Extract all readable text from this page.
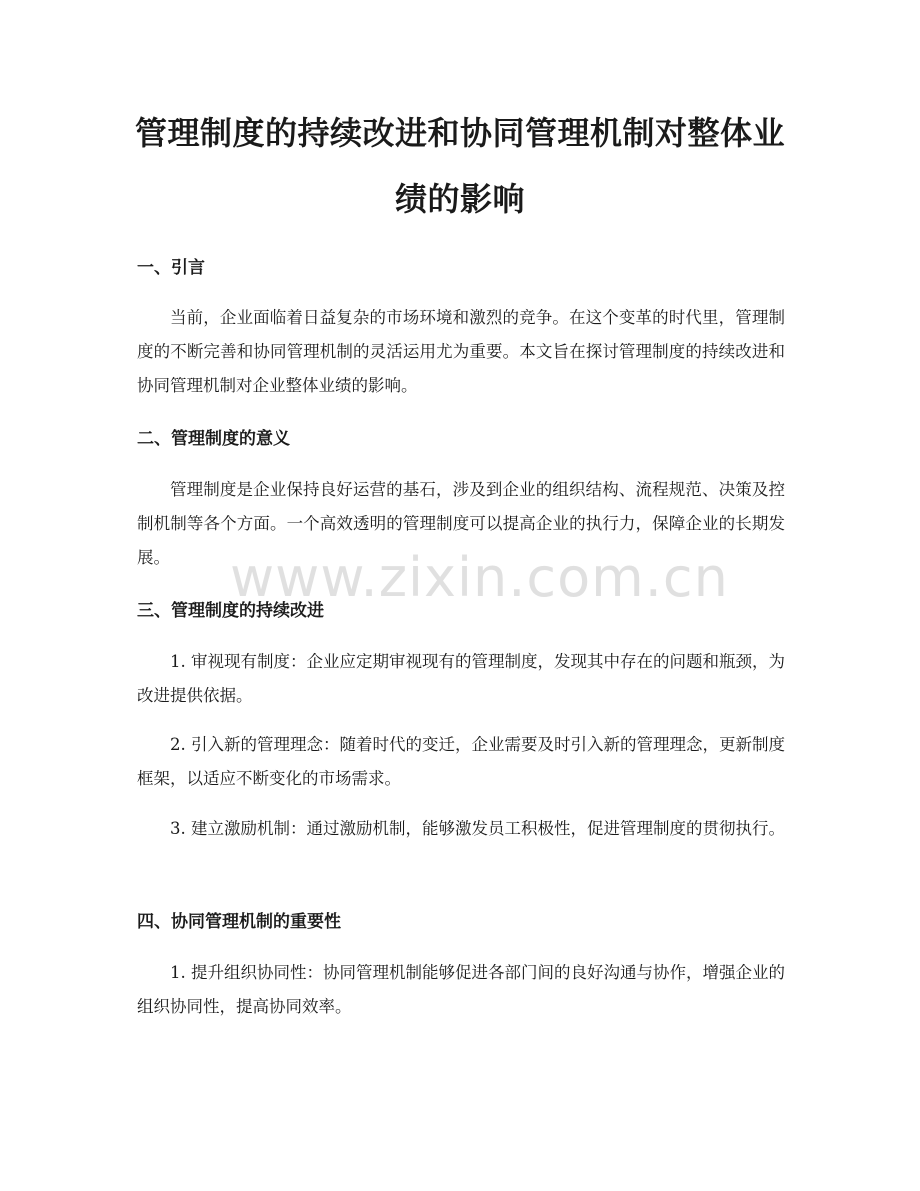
管理制度的持续改进和协同管理机制对整体业绩的影响
一、引言

当前，企业面临着日益复杂的市场环境和激烈的竞争。在这个变革的时代里，管理制度的不断完善和协同管理机制的灵活运用尤为重要。本文旨在探讨管理制度的持续改进和协同管理机制对企业整体业绩的影响。

二、管理制度的意义

管理制度是企业保持良好运营的基石，涉及到企业的组织结构、流程规范、决策及控制机制等各个方面。一个高效透明的管理制度可以提高企业的执行力，保障企业的长期发展。

三、管理制度的持续改进

1. 审视现有制度：企业应定期审视现有的管理制度，发现其中存在的问题和瓶颈，为改进提供依据。

2. 引入新的管理理念：随着时代的变迁，企业需要及时引入新的管理理念，更新制度框架，以适应不断变化的市场需求。

3. 建立激励机制：通过激励机制，能够激发员工积极性，促进管理制度的贯彻执行。

四、协同管理机制的重要性

1. 提升组织协同性：协同管理机制能够促进各部门间的良好沟通与协作，增强企业的组织协同性，提高协同效率。

www.zixin.com.cn
